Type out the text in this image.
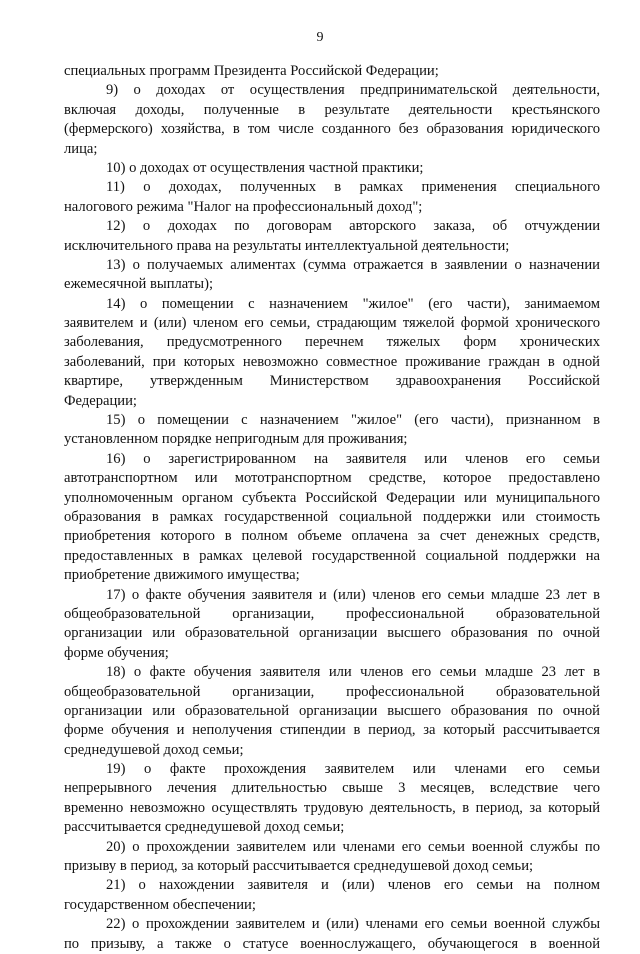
9
специальных программ Президента Российской Федерации;
9) о доходах от осуществления предпринимательской деятельности,
включая доходы, полученные в результате деятельности крестьянского
(фермерского) хозяйства, в том числе созданного без образования юридического
лица;
10) о доходах от осуществления частной практики;
11) о доходах, полученных в рамках применения специального
налогового режима "Налог на профессиональный доход";
12) о доходах по договорам авторского заказа, об отчуждении
исключительного права на результаты интеллектуальной деятельности;
13) о получаемых алиментах (сумма отражается в заявлении о назначении
ежемесячной выплаты);
14) о помещении с назначением "жилое" (его части), занимаемом
заявителем и (или) членом его семьи, страдающим тяжелой формой хронического
заболевания, предусмотренного перечнем тяжелых форм хронических
заболеваний, при которых невозможно совместное проживание граждан в одной
квартире, утвержденным Министерством здравоохранения Российской
Федерации;
15) о помещении с назначением "жилое" (его части), признанном в
установленном порядке непригодным для проживания;
16) о зарегистрированном на заявителя или членов его семьи
автотранспортном или мототранспортном средстве, которое предоставлено
уполномоченным органом субъекта Российской Федерации или муниципального
образования в рамках государственной социальной поддержки или стоимость
приобретения которого в полном объеме оплачена за счет денежных средств,
предоставленных в рамках целевой государственной социальной поддержки на
приобретение движимого имущества;
17) о факте обучения заявителя и (или) членов его семьи младше 23 лет в
общеобразовательной организации, профессиональной образовательной
организации или образовательной организации высшего образования по очной
форме обучения;
18) о факте обучения заявителя или членов его семьи младше 23 лет в
общеобразовательной организации, профессиональной образовательной
организации или образовательной организации высшего образования по очной
форме обучения и неполучения стипендии в период, за который рассчитывается
среднедушевой доход семьи;
19) о факте прохождения заявителем или членами его семьи
непрерывного лечения длительностью свыше 3 месяцев, вследствие чего
временно невозможно осуществлять трудовую деятельность, в период, за который
рассчитывается среднедушевой доход семьи;
20) о прохождении заявителем или членами его семьи военной службы по
призыву в период, за который рассчитывается среднедушевой доход семьи;
21) о нахождении заявителя и (или) членов его семьи на полном
государственном обеспечении;
22) о прохождении заявителем и (или) членами его семьи военной службы
по призыву, а также о статусе военнослужащего, обучающегося в военной
